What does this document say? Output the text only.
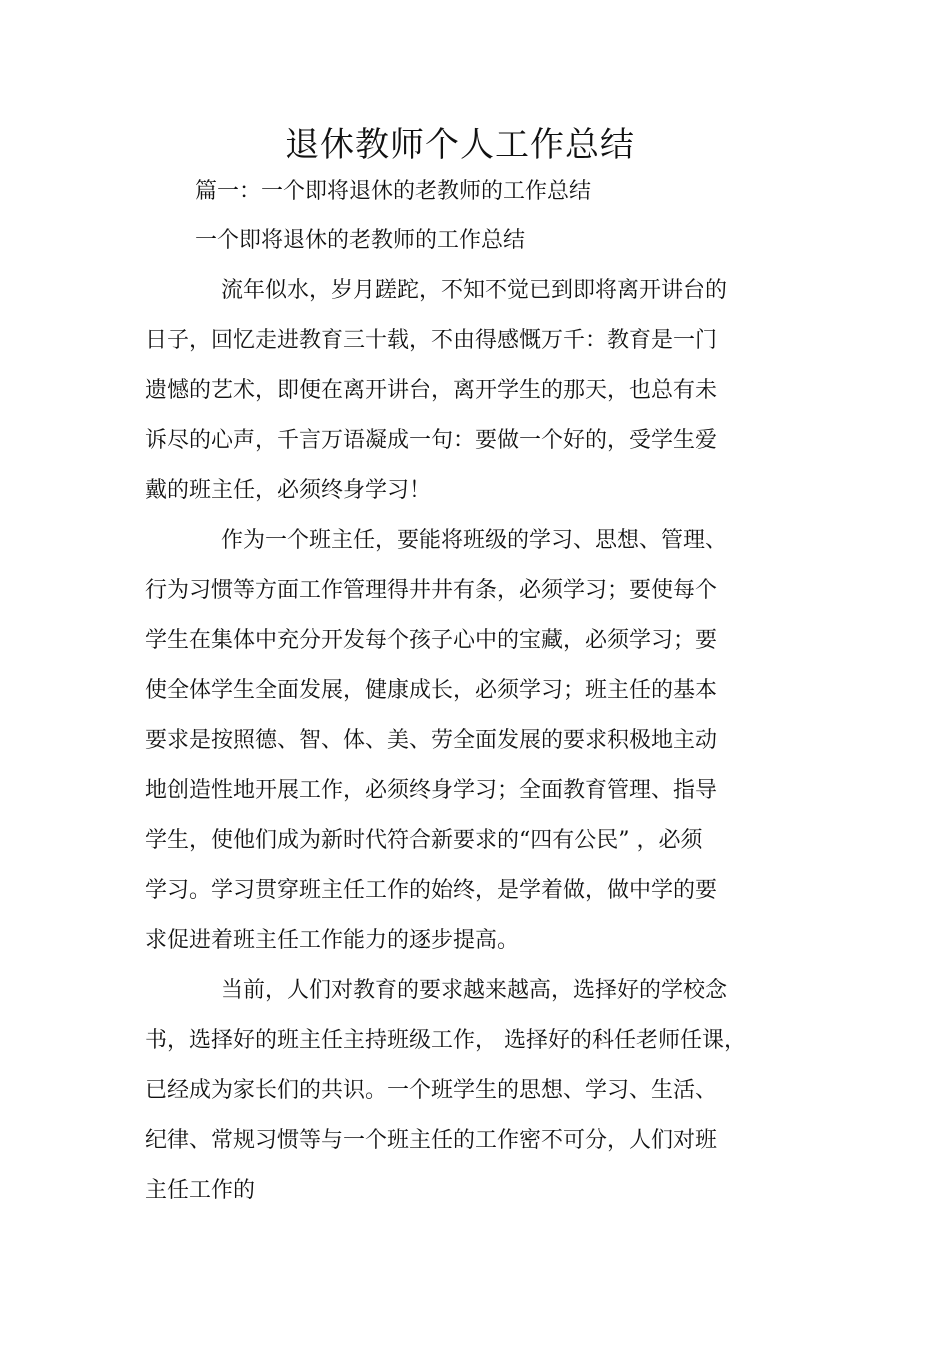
退休教师个人工作总结
篇一：一个即将退休的老教师的工作总结
一个即将退休的老教师的工作总结
流年似水，岁月蹉跎，不知不觉已到即将离开讲台的
日子，回忆走进教育三十载，不由得感慨万千：教育是一门
遗憾的艺术，即便在离开讲台，离开学生的那天，也总有未
诉尽的心声，千言万语凝成一句：要做一个好的，受学生爱
戴的班主任，必须终身学习！
作为一个班主任，要能将班级的学习、思想、管理、
行为习惯等方面工作管理得井井有条，必须学习；要使每个
学生在集体中充分开发每个孩子心中的宝藏，必须学习；要
使全体学生全面发展，健康成长，必须学习；班主任的基本
要求是按照德、智、体、美、劳全面发展的要求积极地主动
地创造性地开展工作，必须终身学习；全面教育管理、指导
学生，使他们成为新时代符合新要求的“四有公民” ，必须
学习。学习贯穿班主任工作的始终，是学着做，做中学的要
求促进着班主任工作能力的逐步提高。
当前，人们对教育的要求越来越高，选择好的学校念
书，选择好的班主任主持班级工作， 选择好的科任老师任课，
已经成为家长们的共识。一个班学生的思想、学习、生活、
纪律、常规习惯等与一个班主任的工作密不可分，人们对班
主任工作的
